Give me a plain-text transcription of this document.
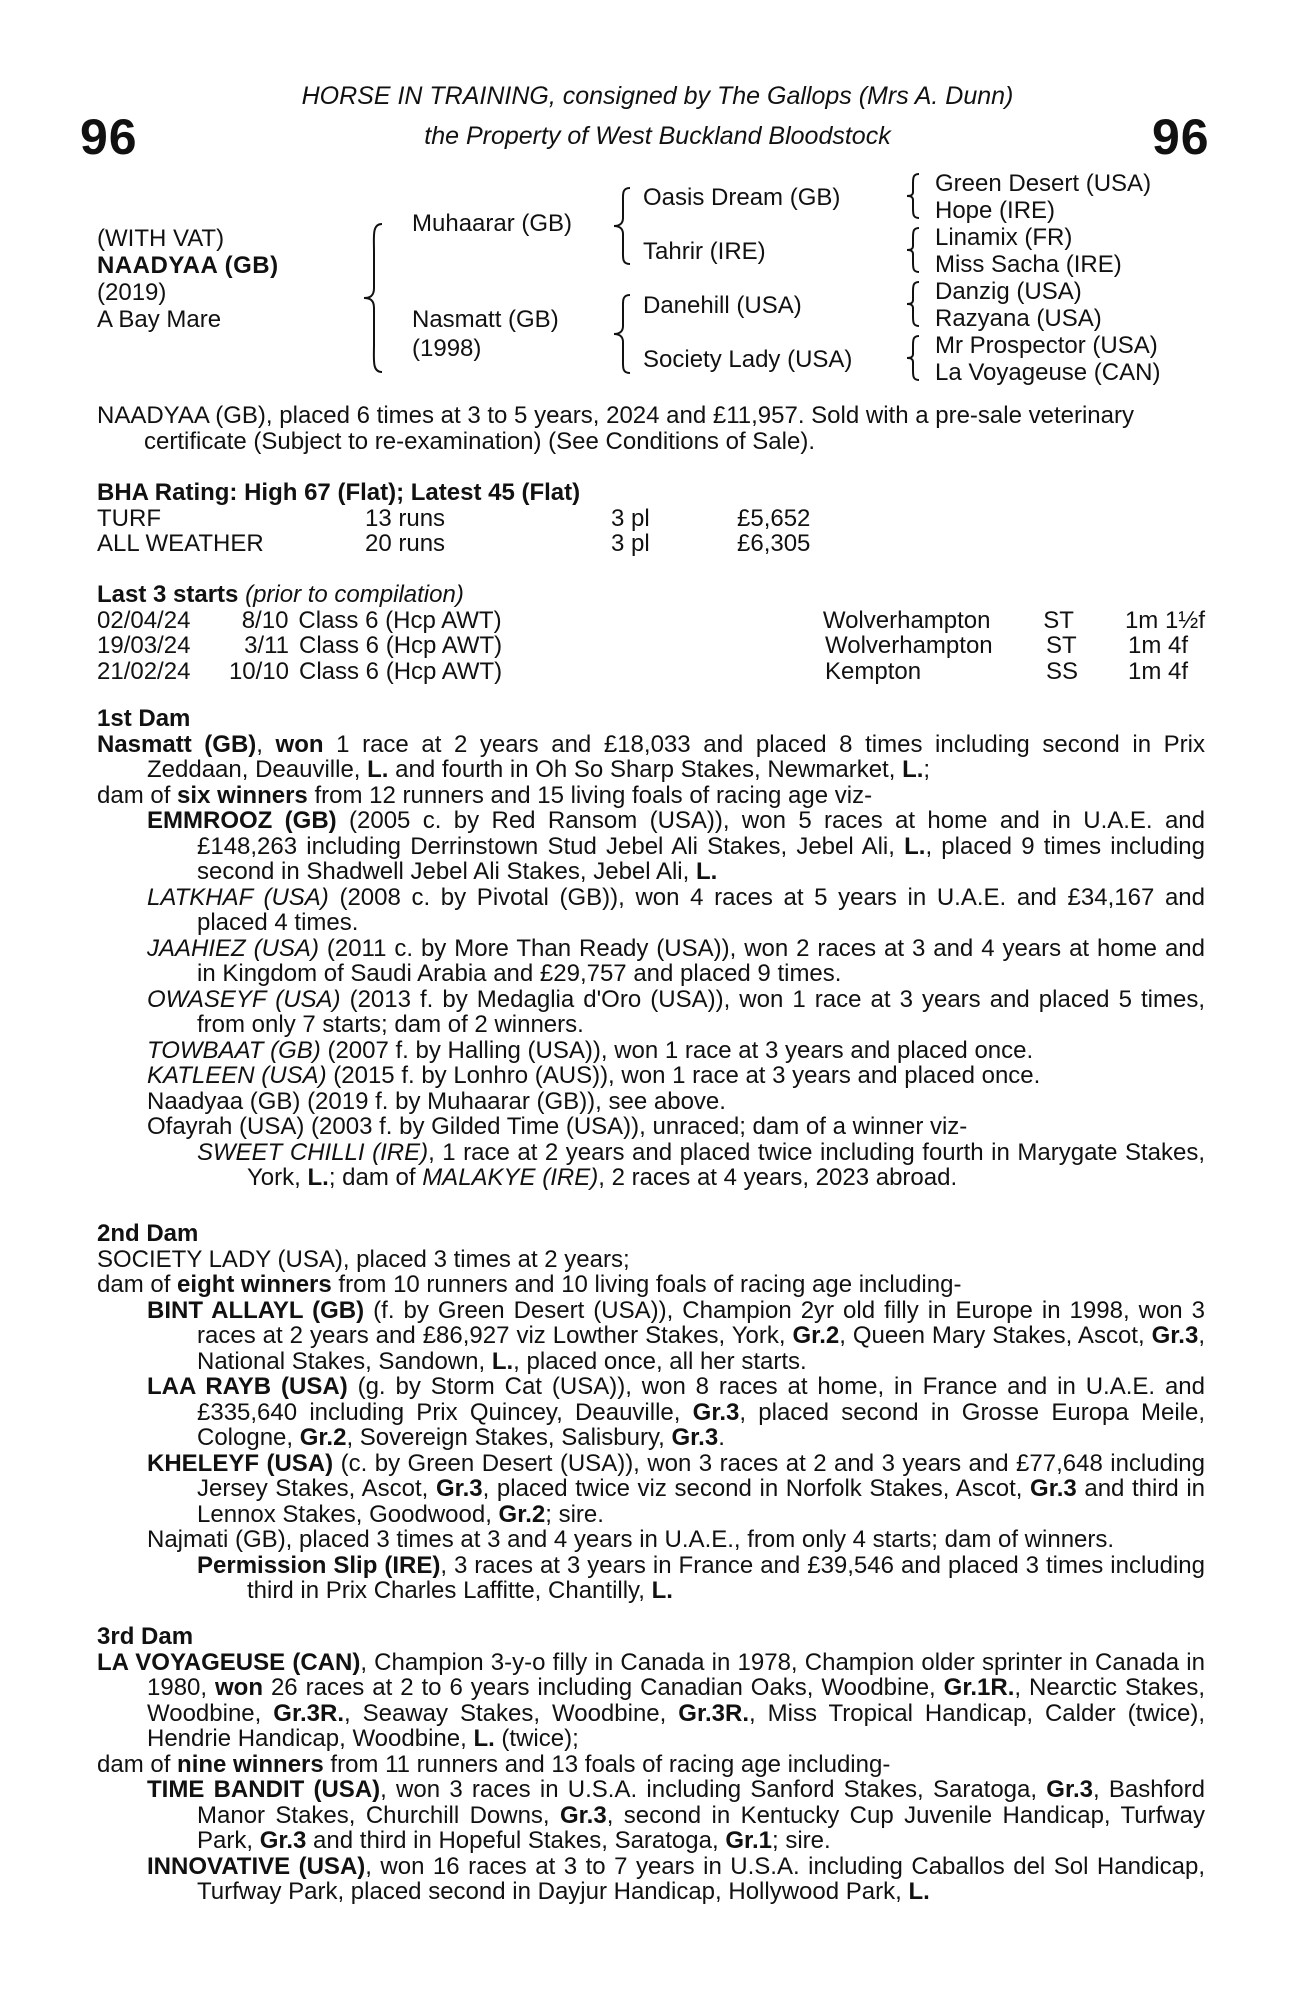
96	96
HORSE IN TRAINING, consigned by The Gallops (Mrs A. Dunn)
the Property of West Buckland Bloodstock
(WITH VAT)
NAADYAA (GB)
(2019)
A Bay Mare
Muhaarar (GB)
Nasmatt (GB)
(1998)
Oasis Dream (GB)
Tahrir (IRE)
Danehill (USA)
Society Lady (USA)
Green Desert (USA)
Hope (IRE)
Linamix (FR)
Miss Sacha (IRE)
Danzig (USA)
Razyana (USA)
Mr Prospector (USA)
La Voyageuse (CAN)

NAADYAA (GB), placed 6 times at 3 to 5 years, 2024 and £11,957. Sold with a pre-sale veterinary

certificate (Subject to re-examination) (See Conditions of Sale).

BHA Rating: High 67 (Flat); Latest 45 (Flat)

TURF	13 runs	3 pl	£5,652
ALL WEATHER	20 runs	3 pl	£6,305

Last 3 starts (prior to compilation)

02/04/24	8/10 Class 6 (Hcp AWT)	Wolverhampton	ST	1m 1½f
19/03/24	3/11 Class 6 (Hcp AWT)	Wolverhampton	ST	1m 4f
21/02/24	10/10 Class 6 (Hcp AWT)	Kempton	SS	1m 4f

1st Dam

Nasmatt (GB), won 1 race at 2 years and £18,033 and placed 8 times including second in Prix Zeddaan, Deauville, L. and fourth in Oh So Sharp Stakes, Newmarket, L.;

dam of six winners from 12 runners and 15 living foals of racing age viz-

EMMROOZ (GB) (2005 c. by Red Ransom (USA)), won 5 races at home and in U.A.E. and £148,263 including Derrinstown Stud Jebel Ali Stakes, Jebel Ali, L., placed 9 times including second in Shadwell Jebel Ali Stakes, Jebel Ali, L.

LATKHAF (USA) (2008 c. by Pivotal (GB)), won 4 races at 5 years in U.A.E. and £34,167 and placed 4 times.

JAAHIEZ (USA) (2011 c. by More Than Ready (USA)), won 2 races at 3 and 4 years at home and in Kingdom of Saudi Arabia and £29,757 and placed 9 times.

OWASEYF (USA) (2013 f. by Medaglia d'Oro (USA)), won 1 race at 3 years and placed 5 times, from only 7 starts; dam of 2 winners.

TOWBAAT (GB) (2007 f. by Halling (USA)), won 1 race at 3 years and placed once.

KATLEEN (USA) (2015 f. by Lonhro (AUS)), won 1 race at 3 years and placed once.

Naadyaa (GB) (2019 f. by Muhaarar (GB)), see above.

Ofayrah (USA) (2003 f. by Gilded Time (USA)), unraced; dam of a winner viz-

SWEET CHILLI (IRE), 1 race at 2 years and placed twice including fourth in Marygate Stakes, York, L.; dam of MALAKYE (IRE), 2 races at 4 years, 2023 abroad.

2nd Dam

SOCIETY LADY (USA), placed 3 times at 2 years;

dam of eight winners from 10 runners and 10 living foals of racing age including-

BINT ALLAYL (GB) (f. by Green Desert (USA)), Champion 2yr old filly in Europe in 1998, won 3 races at 2 years and £86,927 viz Lowther Stakes, York, Gr.2, Queen Mary Stakes, Ascot, Gr.3, National Stakes, Sandown, L., placed once, all her starts.

LAA RAYB (USA) (g. by Storm Cat (USA)), won 8 races at home, in France and in U.A.E. and £335,640 including Prix Quincey, Deauville, Gr.3, placed second in Grosse Europa Meile, Cologne, Gr.2, Sovereign Stakes, Salisbury, Gr.3.

KHELEYF (USA) (c. by Green Desert (USA)), won 3 races at 2 and 3 years and £77,648 including Jersey Stakes, Ascot, Gr.3, placed twice viz second in Norfolk Stakes, Ascot, Gr.3 and third in Lennox Stakes, Goodwood, Gr.2; sire.

Najmati (GB), placed 3 times at 3 and 4 years in U.A.E., from only 4 starts; dam of winners.

Permission Slip (IRE), 3 races at 3 years in France and £39,546 and placed 3 times including third in Prix Charles Laffitte, Chantilly, L.

3rd Dam

LA VOYAGEUSE (CAN), Champion 3-y-o filly in Canada in 1978, Champion older sprinter in Canada in 1980, won 26 races at 2 to 6 years including Canadian Oaks, Woodbine, Gr.1R., Nearctic Stakes, Woodbine, Gr.3R., Seaway Stakes, Woodbine, Gr.3R., Miss Tropical Handicap, Calder (twice), Hendrie Handicap, Woodbine, L. (twice);

dam of nine winners from 11 runners and 13 foals of racing age including-

TIME BANDIT (USA), won 3 races in U.S.A. including Sanford Stakes, Saratoga, Gr.3, Bashford Manor Stakes, Churchill Downs, Gr.3, second in Kentucky Cup Juvenile Handicap, Turfway Park, Gr.3 and third in Hopeful Stakes, Saratoga, Gr.1; sire.

INNOVATIVE (USA), won 16 races at 3 to 7 years in U.S.A. including Caballos del Sol Handicap, Turfway Park, placed second in Dayjur Handicap, Hollywood Park, L.
